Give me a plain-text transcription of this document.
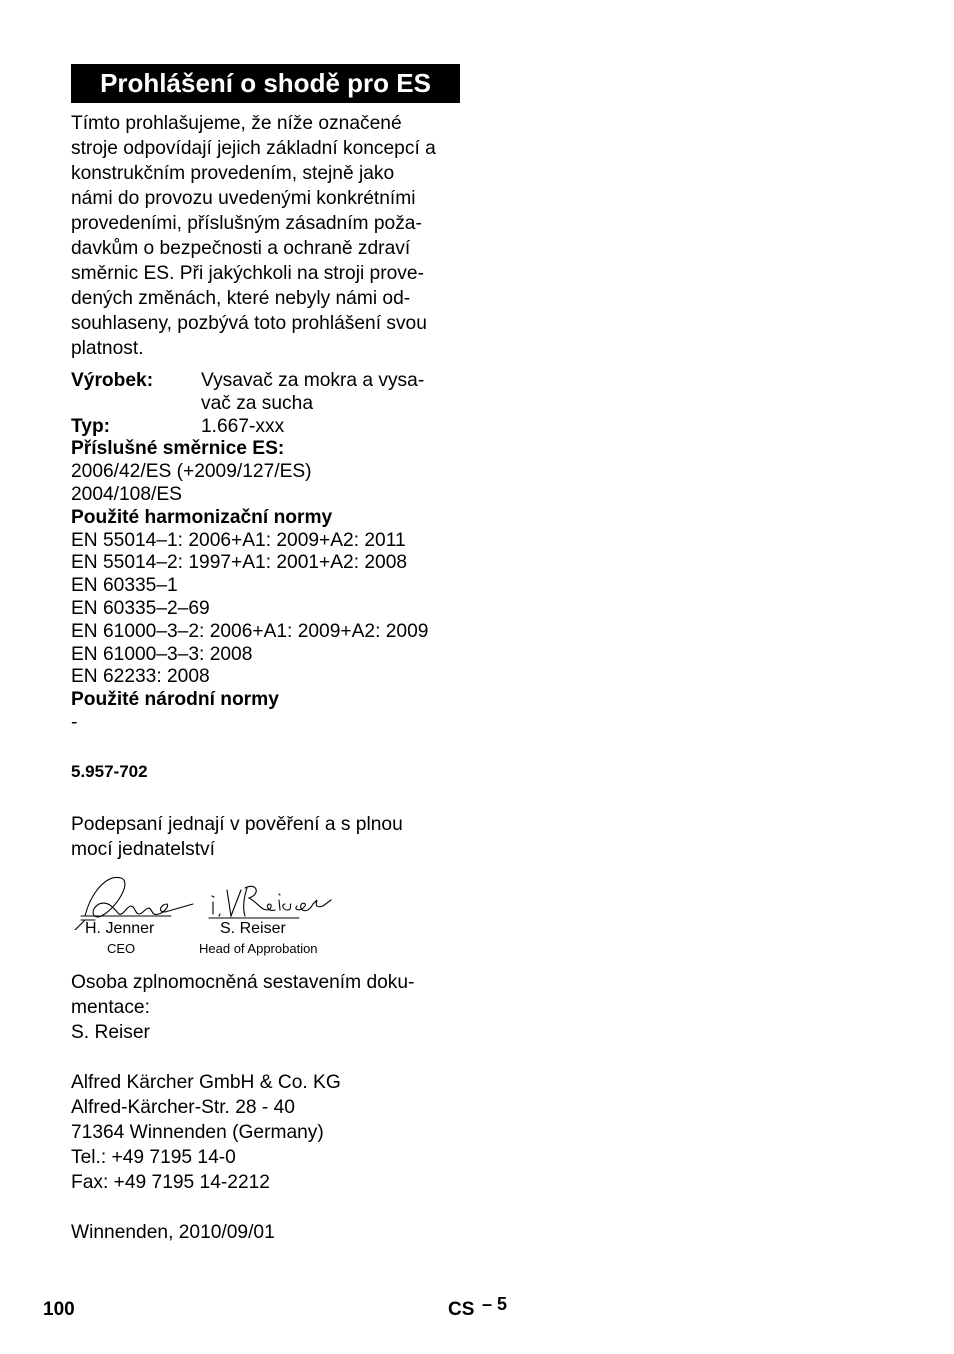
Prohlášení o shodě pro ES
Tímto prohlašujeme, že níže označené
stroje odpovídají jejich základní koncepcí a
konstrukčním provedením, stejně jako
námi do provozu uvedenými konkrétními
provedeními, příslušným zásadním poža-
davkům o bezpečnosti a ochraně zdraví
směrnic ES. Při jakýchkoli na stroji prove-
dených změnách, které nebyly námi od-
souhlaseny, pozbývá toto prohlášení svou
platnost.
Výrobek:	Vysavač za mokra a vysa-
vač za sucha
Typ:	1.667-xxx
Příslušné směrnice ES:
2006/42/ES (+2009/127/ES)
2004/108/ES
Použité harmonizační normy
EN 55014–1: 2006+A1: 2009+A2: 2011
EN 55014–2: 1997+A1: 2001+A2: 2008
EN 60335–1
EN 60335–2–69
EN 61000–3–2: 2006+A1: 2009+A2: 2009
EN 61000–3–3: 2008
EN 62233: 2008
Použité národní normy
-
5.957-702
Podepsaní jednají v pověření a s plnou
mocí jednatelství
H. Jenner
CEO
S. Reiser
Head of Approbation
Osoba zplnomocněná sestavením doku-
mentace:
S. Reiser
Alfred Kärcher GmbH & Co. KG
Alfred-Kärcher-Str. 28 - 40
71364 Winnenden (Germany)
Tel.: +49 7195 14-0
Fax: +49 7195 14-2212
Winnenden, 2010/09/01
100	CS – 5
